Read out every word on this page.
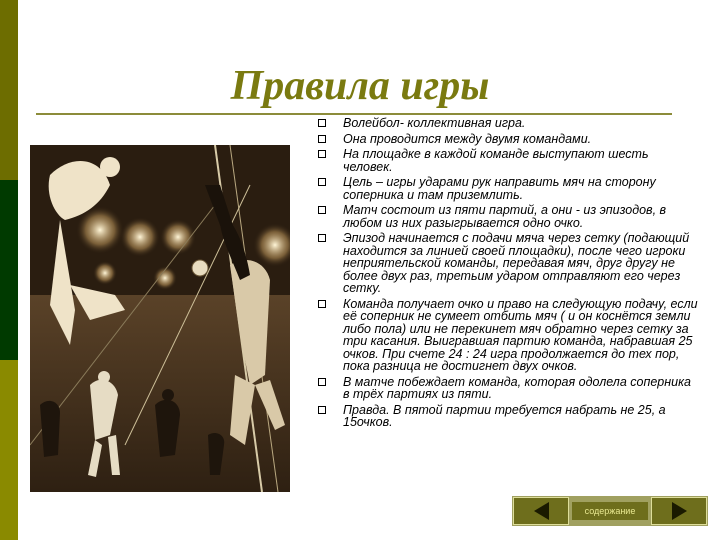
Правила игры
Волейбол- коллективная игра.
Она проводится между двумя командами.
На площадке в каждой команде выступают шесть человек.
Цель – игры ударами рук направить мяч на сторону соперника и там приземлить.
Матч состоит из пяти партий, а они - из эпизодов, в любом из них разыгрывается одно очко.
Эпизод начинается с подачи мяча через сетку (подающий находится за линией своей площадки), после чего игроки неприятельской команды, передавая мяч, друг другу не более двух раз, третьим ударом отправляют его через сетку.
Команда получает очко и право на следующую подачу, если её соперник не сумеет отбить мяч ( и он коснётся земли либо пола) или не перекинет мяч обратно через сетку за три касания. Выигравшая партию команда, набравшая 25 очков. При счете 24 : 24 игра продолжается до тех пор, пока разница не достигнет двух очков.
В матче побеждает команда, которая одолела соперника в трёх партиях из пяти.
Правда. В пятой партии требуется набрать не 25, а 15очков.
содержание
